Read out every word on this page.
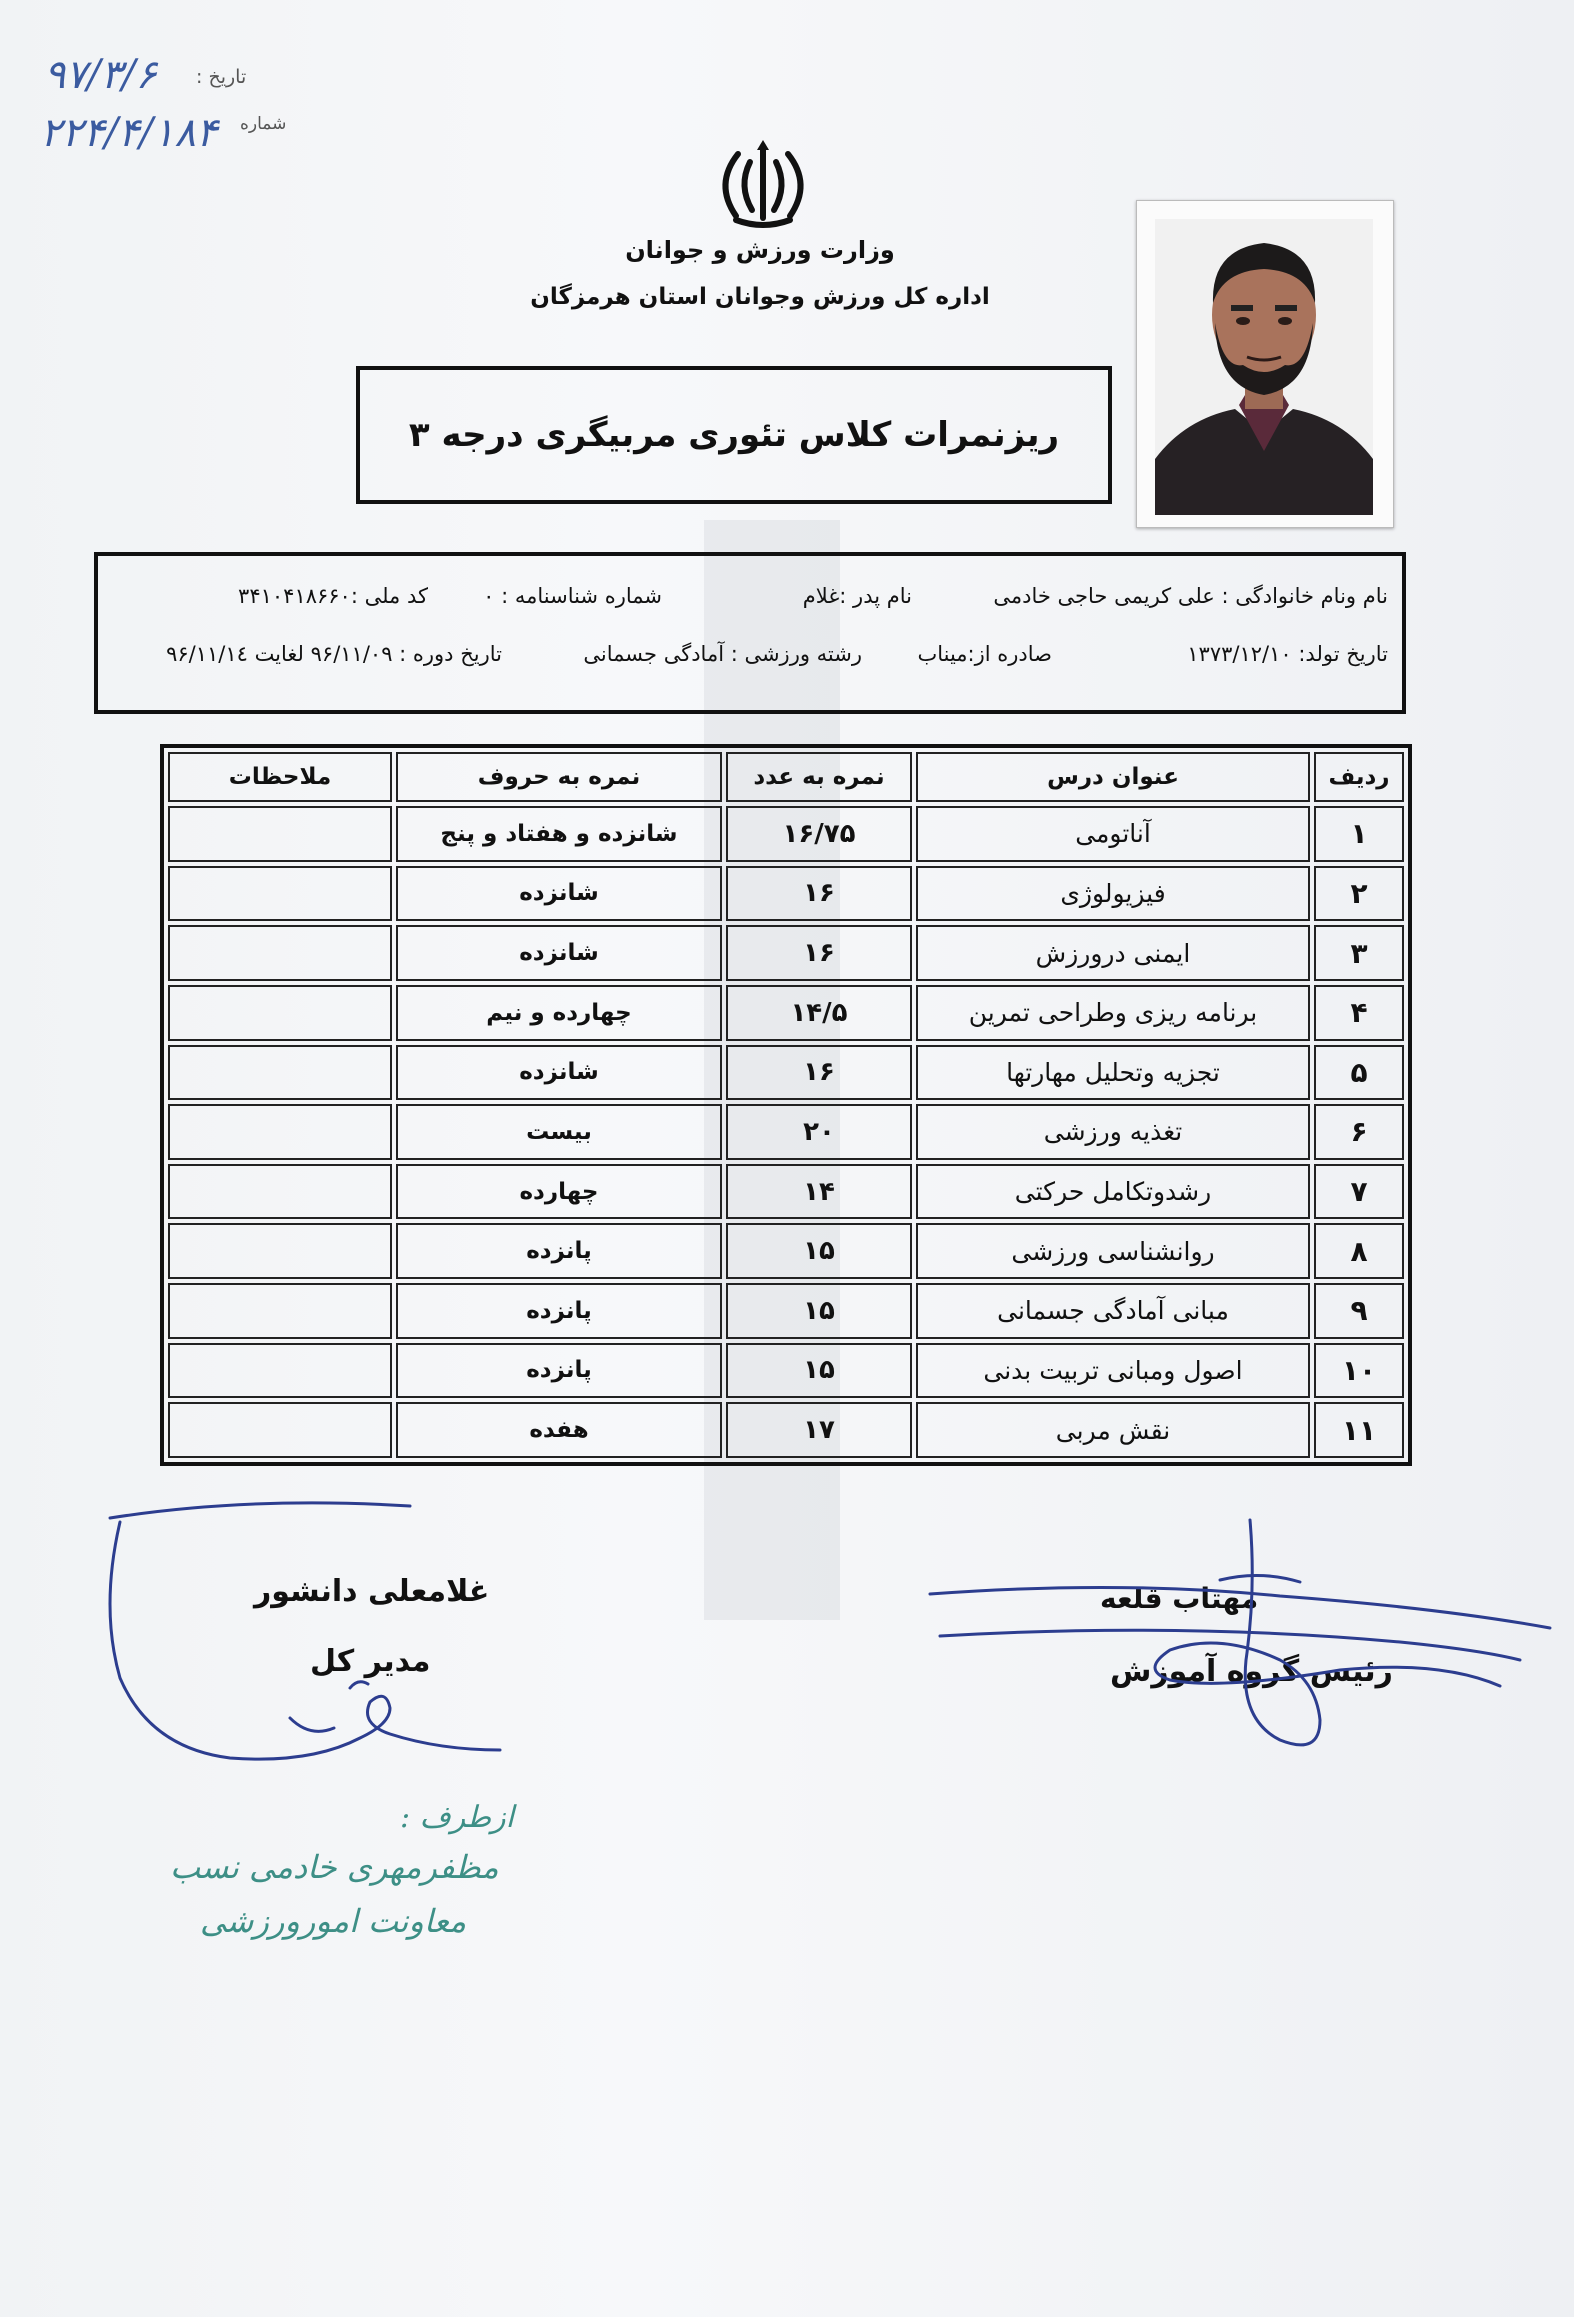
تاریخ :
۹۷/۳/۶
شماره
۲۲۴/۴/۱۸۴
وزارت ورزش و جوانان
اداره کل ورزش وجوانان استان هرمزگان
ریزنمرات کلاس تئوری مربیگری درجه ۳
نام ونام خانوادگی : علی کریمی حاجی خادمی
نام پدر :غلام
شماره شناسنامه : ۰
کد ملی :۳۴۱۰۴۱۸۶۶۰
تاریخ تولد: ۱۳۷۳/۱۲/۱۰
صادره از:میناب
رشته ورزشی : آمادگی جسمانی
تاریخ دوره : ۹۶/۱۱/۰۹ لغایت ۹۶/۱۱/۱٤
ردیف	عنوان درس	نمره به عدد	نمره به حروف	ملاحظات
۱	آناتومی	۱۶/۷۵	شانزده و هفتاد و پنج	
۲	فیزیولوژی	۱۶	شانزده	
۳	ایمنی درورزش	۱۶	شانزده	
۴	برنامه ریزی وطراحی تمرین	۱۴/۵	چهارده و نیم	
۵	تجزیه وتحلیل مهارتها	۱۶	شانزده	
۶	تغذیه ورزشی	۲۰	بیست	
۷	رشدوتکامل حرکتی	۱۴	چهارده	
۸	روانشناسی ورزشی	۱۵	پانزده	
۹	مبانی آمادگی جسمانی	۱۵	پانزده	
۱۰	اصول ومبانی تربیت بدنی	۱۵	پانزده	
۱۱	نقش مربی	۱۷	هفده	
مهتاب قلعه
رئیس گروه آموزش
غلامعلی دانشور
مدیر کل
ازطرف :
مظفرمهری خادمی نسب
معاونت امورورزشی
